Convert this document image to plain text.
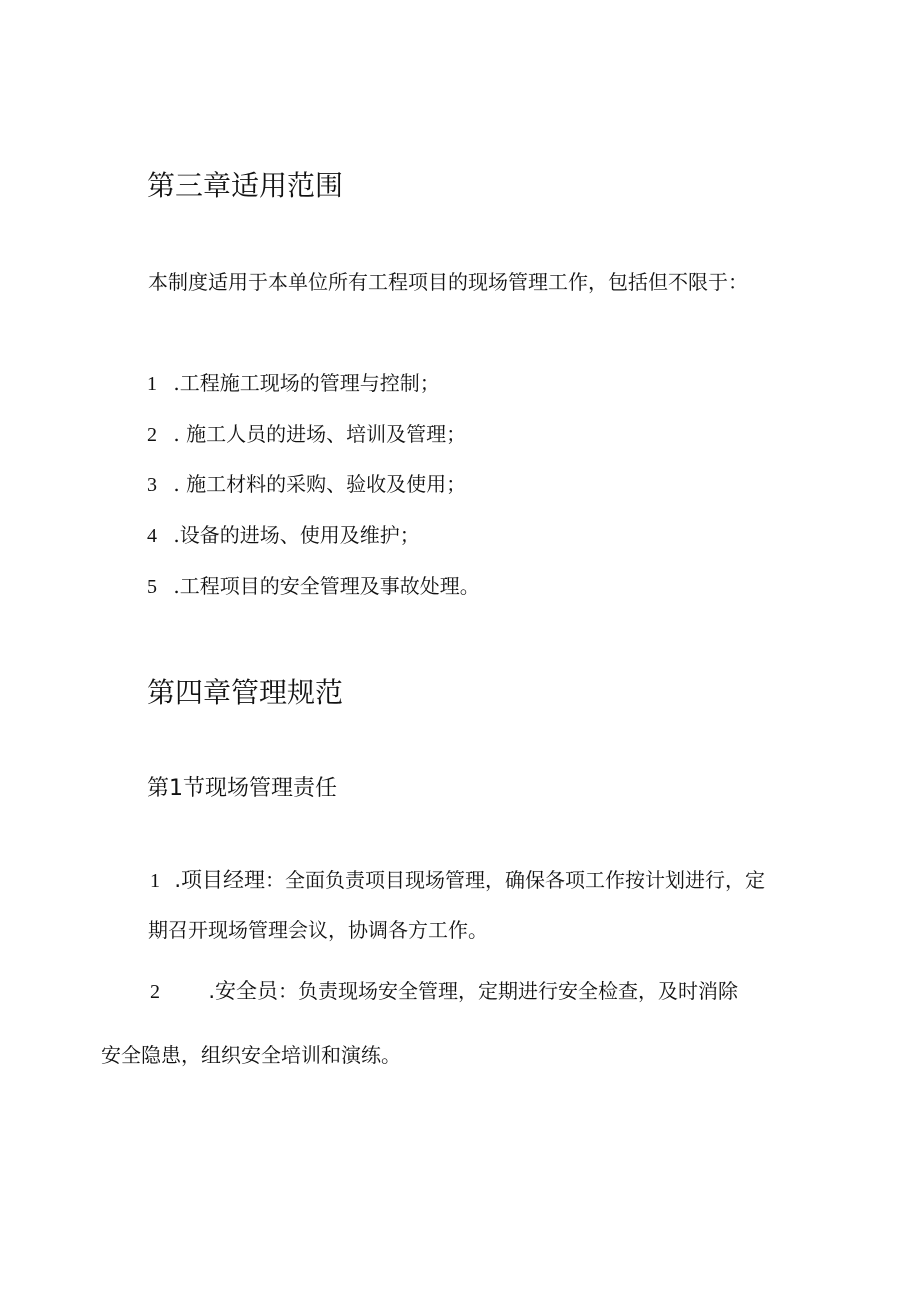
第三章适用范围

本制度适用于本单位所有工程项目的现场管理工作，包括但不限于：

1 .工程施工现场的管理与控制；
2 . 施工人员的进场、培训及管理；
3 . 施工材料的采购、验收及使用；
4 .设备的进场、使用及维护；
5 .工程项目的安全管理及事故处理。
第四章管理规范
第1节现场管理责任
1 .项目经理：全面负责项目现场管理，确保各项工作按计划进行，定

期召开现场管理会议，协调各方工作。

2 .安全员：负责现场安全管理，定期进行安全检查，及时消除

安全隐患，组织安全培训和演练。
